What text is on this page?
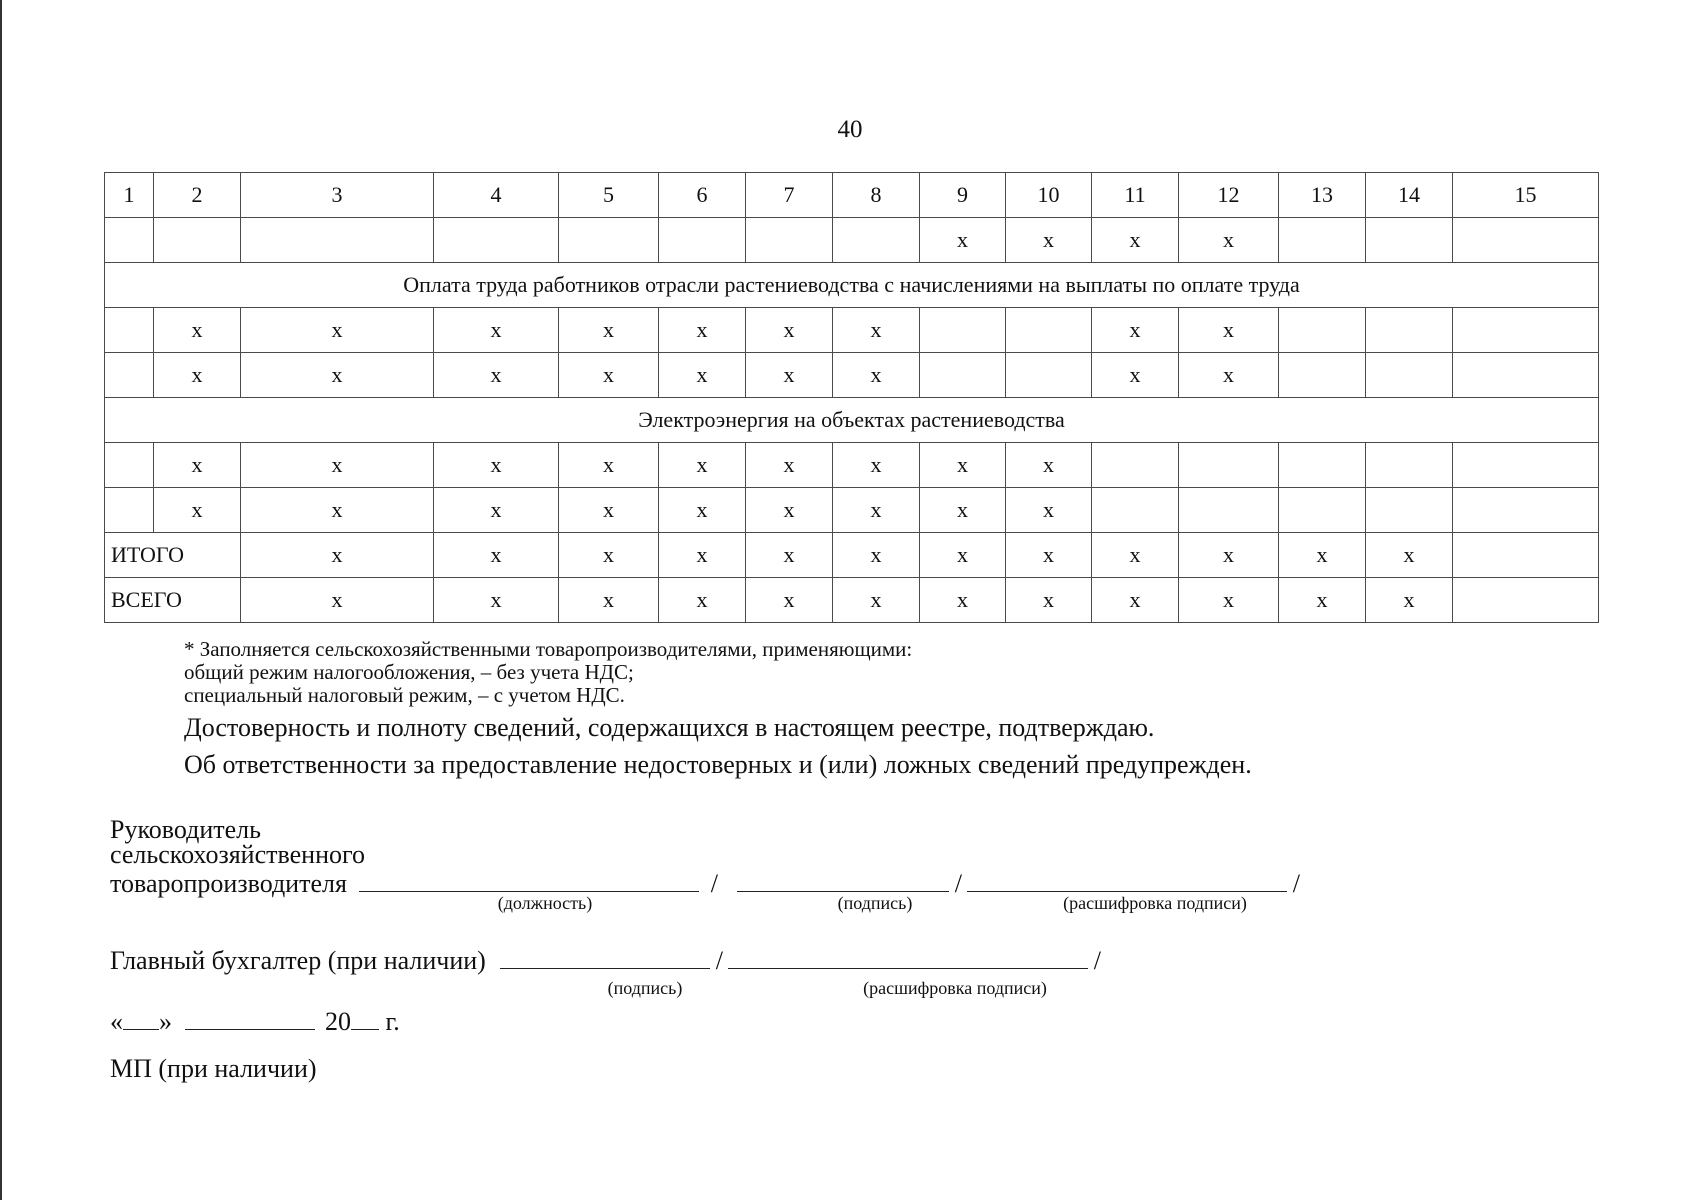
40
1	2	3	4	5	6	7	8	9	10	11	12	13	14	15
								x	x	x	x			
Оплата труда работников отрасли растениеводства с начислениями на выплаты по оплате труда														
	x	x	x	x	x	x	x			x	x			
	x	x	x	x	x	x	x			x	x			
Электроэнергия на объектах растениеводства														
	x	x	x	x	x	x	x	x	x					
	x	x	x	x	x	x	x	x	x					
ИТОГО		x	x	x	x	x	x	x	x	x	x	x	x	
ВСЕГО		x	x	x	x	x	x	x	x	x	x	x	x	
* Заполняется сельскохозяйственными товаропроизводителями, применяющими:
общий режим налогообложения, – без учета НДС;
специальный налоговый режим, – с учетом НДС.
Достоверность и полноту сведений, содержащихся в настоящем реестре, подтверждаю.
Об ответственности за предоставление недостоверных и (или) ложных сведений предупрежден.
Руководитель
сельскохозяйственного
товаропроизводителя	/	/	/
(должность)	(подпись)	(расшифровка подписи)
Главный бухгалтер (при наличии)	/	/
(подпись)	(расшифровка подписи)
« »	20 г.
МП (при наличии)
